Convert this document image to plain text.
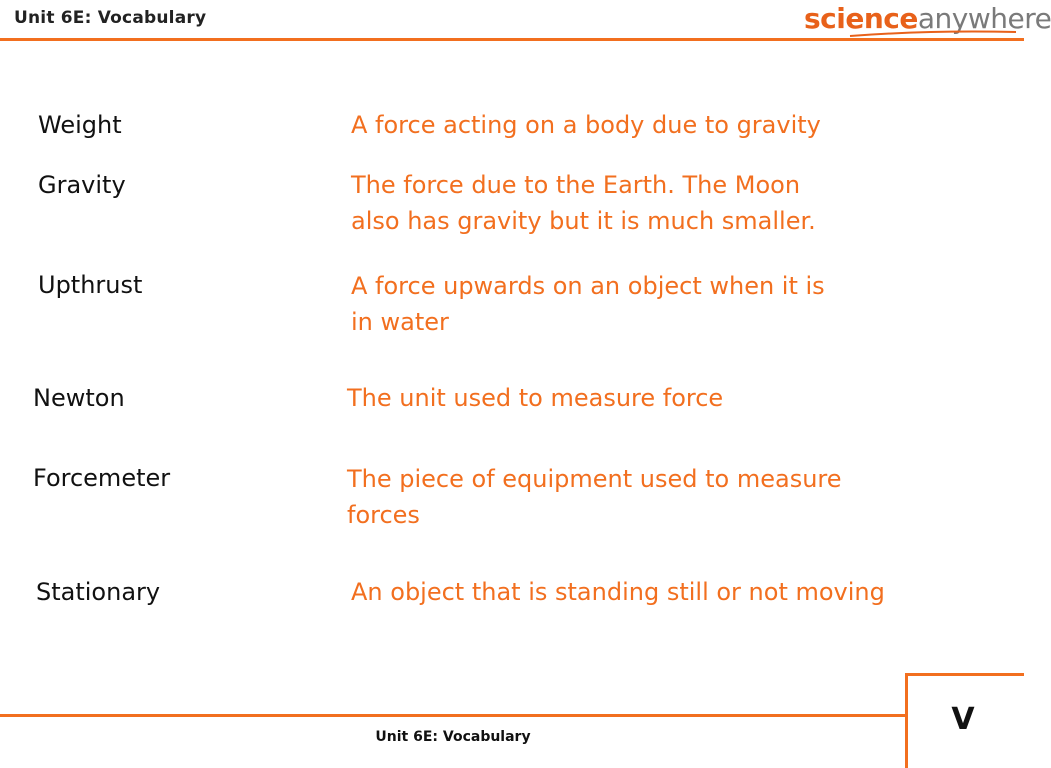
Unit 6E: Vocabulary	scienceanywhere
Weight	A force acting on a body due to gravity
Gravity	The force due to the Earth. The Moon
also has gravity but it is much smaller.
Upthrust	A force upwards on an object when it is
in water
Newton	The unit used to measure force
Forcemeter	The piece of equipment used to measure
forces
Stationary	An object that is standing still or not moving
Unit 6E: Vocabulary	V
